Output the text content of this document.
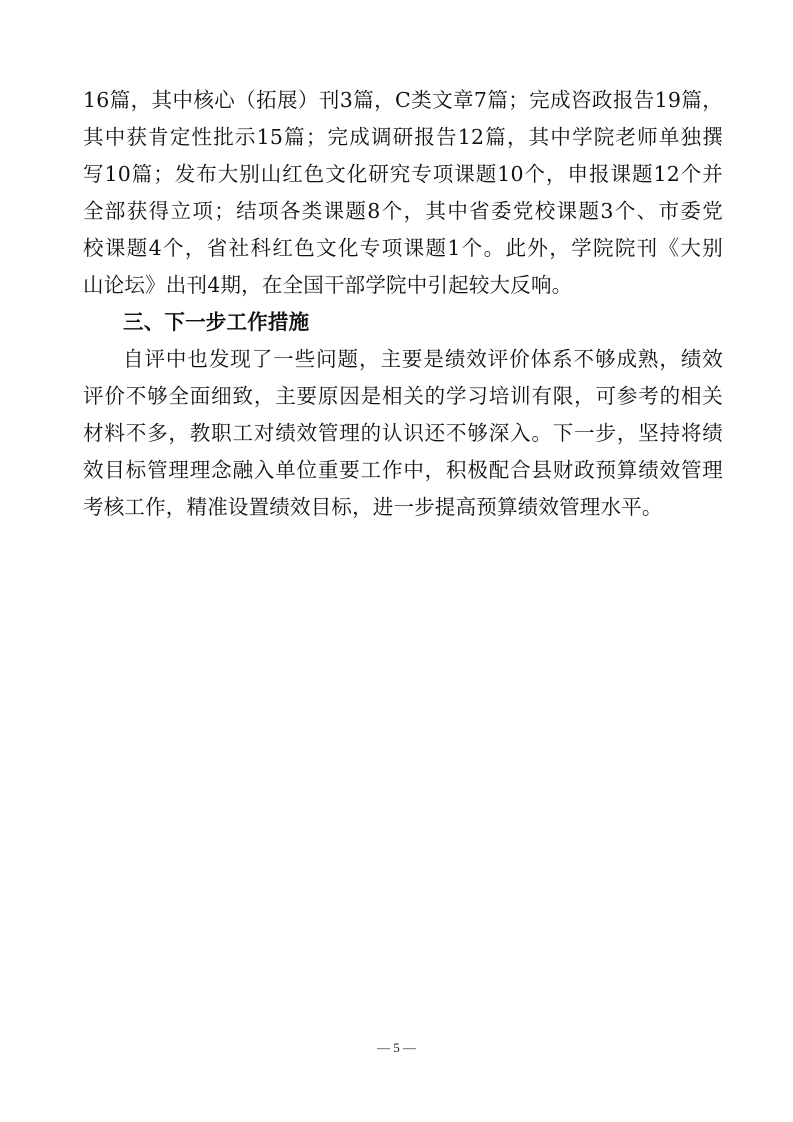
16篇，其中核心（拓展）刊3篇，C类文章7篇；完成咨政报告19篇，
其中获肯定性批示15篇；完成调研报告12篇，其中学院老师单独撰
写10篇；发布大别山红色文化研究专项课题10个，申报课题12个并
全部获得立项；结项各类课题8个，其中省委党校课题3个、市委党
校课题4个，省社科红色文化专项课题1个。此外，学院院刊《大别
山论坛》出刊4期，在全国干部学院中引起较大反响。
三、下一步工作措施
自评中也发现了一些问题，主要是绩效评价体系不够成熟，绩效
评价不够全面细致，主要原因是相关的学习培训有限，可参考的相关
材料不多，教职工对绩效管理的认识还不够深入。下一步，坚持将绩
效目标管理理念融入单位重要工作中，积极配合县财政预算绩效管理
考核工作，精准设置绩效目标，进一步提高预算绩效管理水平。
— 5 —
